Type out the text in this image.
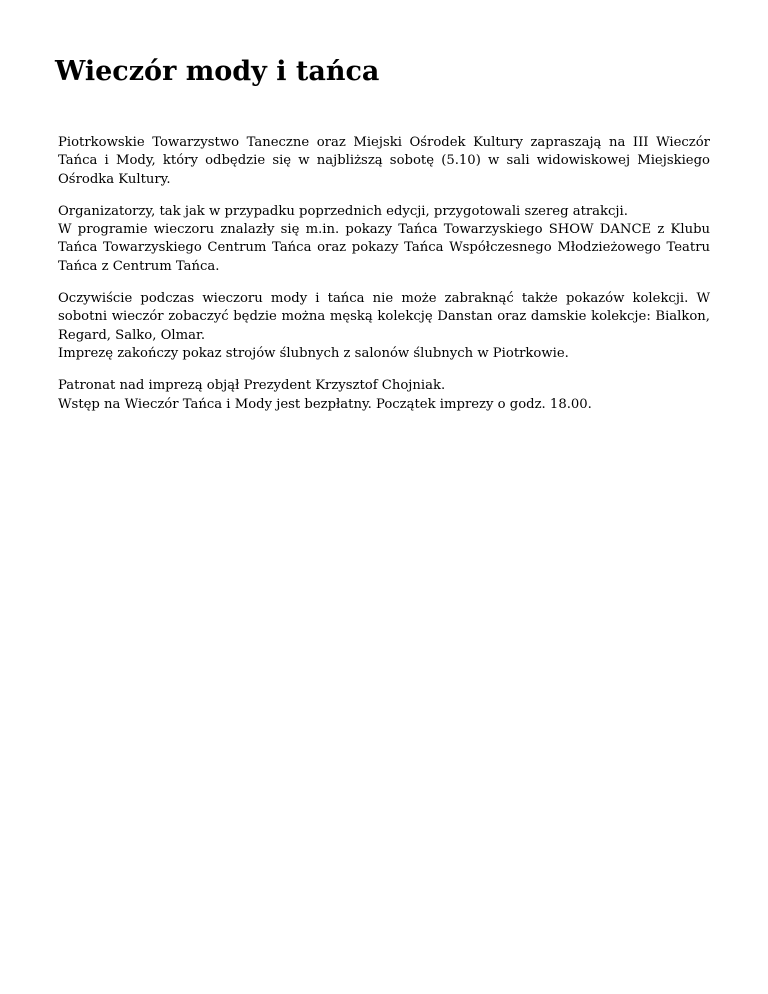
Wieczór mody i tańca

Piotrkowskie Towarzystwo Taneczne oraz Miejski Ośrodek Kultury zapraszają na III Wieczór Tańca i Mody, który odbędzie się w najbliższą sobotę (5.10) w sali widowiskowej Miejskiego Ośrodka Kultury.

Organizatorzy, tak jak w przypadku poprzednich edycji, przygotowali szereg atrakcji.
W programie wieczoru znalazły się m.in. pokazy Tańca Towarzyskiego SHOW DANCE z Klubu Tańca Towarzyskiego Centrum Tańca oraz pokazy Tańca Współczesnego Młodzieżowego Teatru Tańca z Centrum Tańca.

Oczywiście podczas wieczoru mody i tańca nie może zabraknąć także pokazów kolekcji. W sobotni wieczór zobaczyć będzie można męską kolekcję Danstan oraz damskie kolekcje: Bialkon, Regard, Salko, Olmar.
Imprezę zakończy pokaz strojów ślubnych z salonów ślubnych w Piotrkowie.

Patronat nad imprezą objął Prezydent Krzysztof Chojniak.
Wstęp na Wieczór Tańca i Mody jest bezpłatny. Początek imprezy o godz. 18.00.
